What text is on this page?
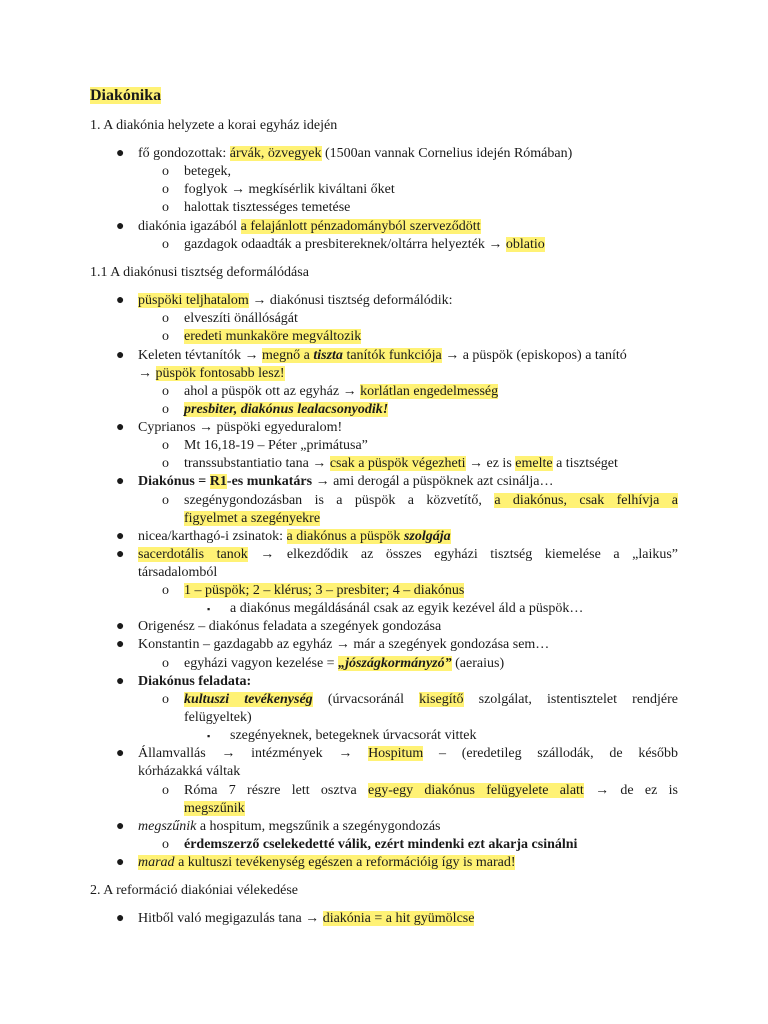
Diakónika
1. A diakónia helyzete a korai egyház idején
● fő gondozottak: árvák, özvegyek (1500an vannak Cornelius idején Rómában)
o betegek,
o foglyok → megkísérlik kiváltani őket
o halottak tisztességes temetése
● diakónia igazából a felajánlott pénzadományból szerveződött
o gazdagok odaadták a presbitereknek/oltárra helyezték → oblatio
1.1 A diakónusi tisztség deformálódása
● püspöki teljhatalom → diakónusi tisztség deformálódik:
o elveszíti önállóságát
o eredeti munkaköre megváltozik
● Keleten tévtanítók → megnő a tiszta tanítók funkciója → a püspök (episkopos) a tanító
→ püspök fontosabb lesz!
o ahol a püspök ott az egyház → korlátlan engedelmesség
o presbiter, diakónus lealacsonyodik!
● Cyprianos → püspöki egyeduralom!
o Mt 16,18-19 – Péter „primátusa”
o transsubstantiatio tana → csak a püspök végezheti → ez is emelte a tisztséget
● Diakónus = R1-es munkatárs → ami derogál a püspöknek azt csinálja…
o szegénygondozásban is a püspök a közvetítő, a diakónus, csak felhívja a
figyelmet a szegényekre
● nicea/karthagó-i zsinatok: a diakónus a püspök szolgája
● sacerdotális tanok → elkezdődik az összes egyházi tisztség kiemelése a „laikus”
társadalomból
o 1 – püspök; 2 – klérus; 3 – presbiter; 4 – diakónus
▪ a diakónus megáldásánál csak az egyik kezével áld a püspök…
● Origenész – diakónus feladata a szegények gondozása
● Konstantin – gazdagabb az egyház → már a szegények gondozása sem…
o egyházi vagyon kezelése = „jószágkormányzó” (aeraius)
● Diakónus feladata:
o kultuszi tevékenység (úrvacsoránál kisegítő szolgálat, istentisztelet rendjére
felügyeltek)
▪ szegényeknek, betegeknek úrvacsorát vittek
● Államvallás → intézmények → Hospitum – (eredetileg szállodák, de később
kórházakká váltak
o Róma 7 részre lett osztva egy-egy diakónus felügyelete alatt → de ez is
megszűnik
● megszűnik a hospitum, megszűnik a szegénygondozás
o érdemszerző cselekedetté válik, ezért mindenki ezt akarja csinálni
● marad a kultuszi tevékenység egészen a reformációig így is marad!
2. A reformáció diakóniai vélekedése
● Hitből való megigazulás tana → diakónia = a hit gyümölcse
